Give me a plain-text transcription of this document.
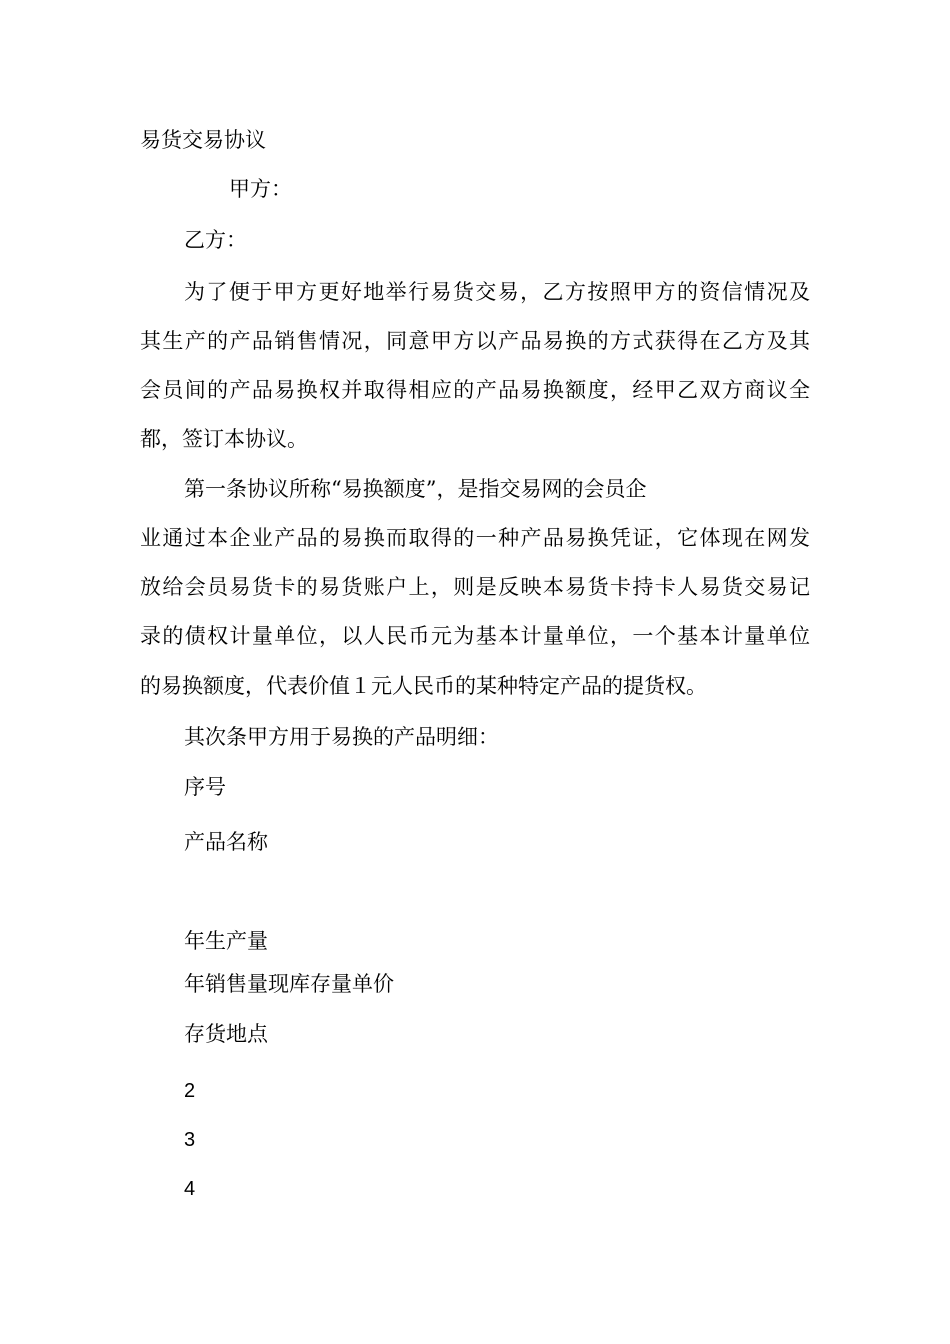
易货交易协议
甲方：
乙方：
为了便于甲方更好地举行易货交易，乙方按照甲方的资信情况及
其生产的产品销售情况，同意甲方以产品易换的方式获得在乙方及其
会员间的产品易换权并取得相应的产品易换额度，经甲乙双方商议全
都，签订本协议。
第一条协议所称“易换额度”，是指交易网的会员企
业通过本企业产品的易换而取得的一种产品易换凭证，它体现在网发
放给会员易货卡的易货账户上，则是反映本易货卡持卡人易货交易记
录的债权计量单位，以人民币元为基本计量单位，一个基本计量单位
的易换额度，代表价值１元人民币的某种特定产品的提货权。
其次条甲方用于易换的产品明细：
序号
产品名称
年生产量
年销售量现库存量单价
存货地点
2
3
4
